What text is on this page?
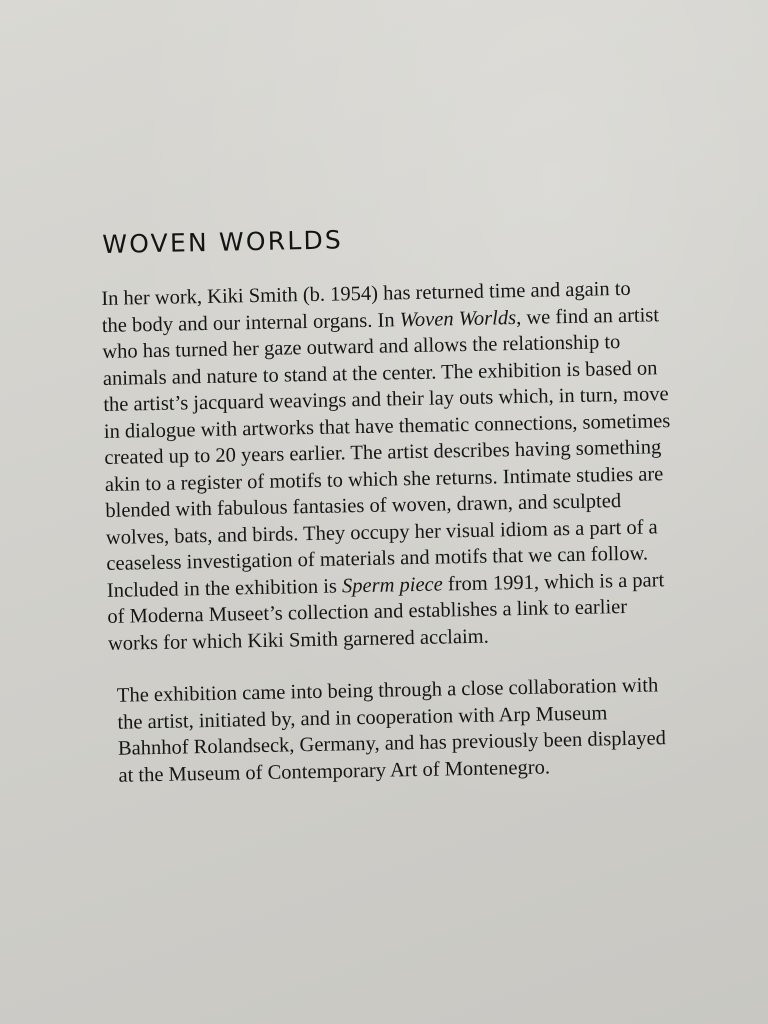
WOVEN WORLDS

In her work, Kiki Smith (b. 1954) has returned time and again to
the body and our internal organs. In Woven Worlds, we find an artist
who has turned her gaze outward and allows the relationship to
animals and nature to stand at the center. The exhibition is based on
the artist’s jacquard weavings and their lay outs which, in turn, move
in dialogue with artworks that have thematic connections, sometimes
created up to 20 years earlier. The artist describes having something
akin to a register of motifs to which she returns. Intimate studies are
blended with fabulous fantasies of woven, drawn, and sculpted
wolves, bats, and birds. They occupy her visual idiom as a part of a
ceaseless investigation of materials and motifs that we can follow.
Included in the exhibition is Sperm piece from 1991, which is a part
of Moderna Museet’s collection and establishes a link to earlier
works for which Kiki Smith garnered acclaim.

The exhibition came into being through a close collaboration with
the artist, initiated by, and in cooperation with Arp Museum
Bahnhof Rolandseck, Germany, and has previously been displayed
at the Museum of Contemporary Art of Montenegro.
